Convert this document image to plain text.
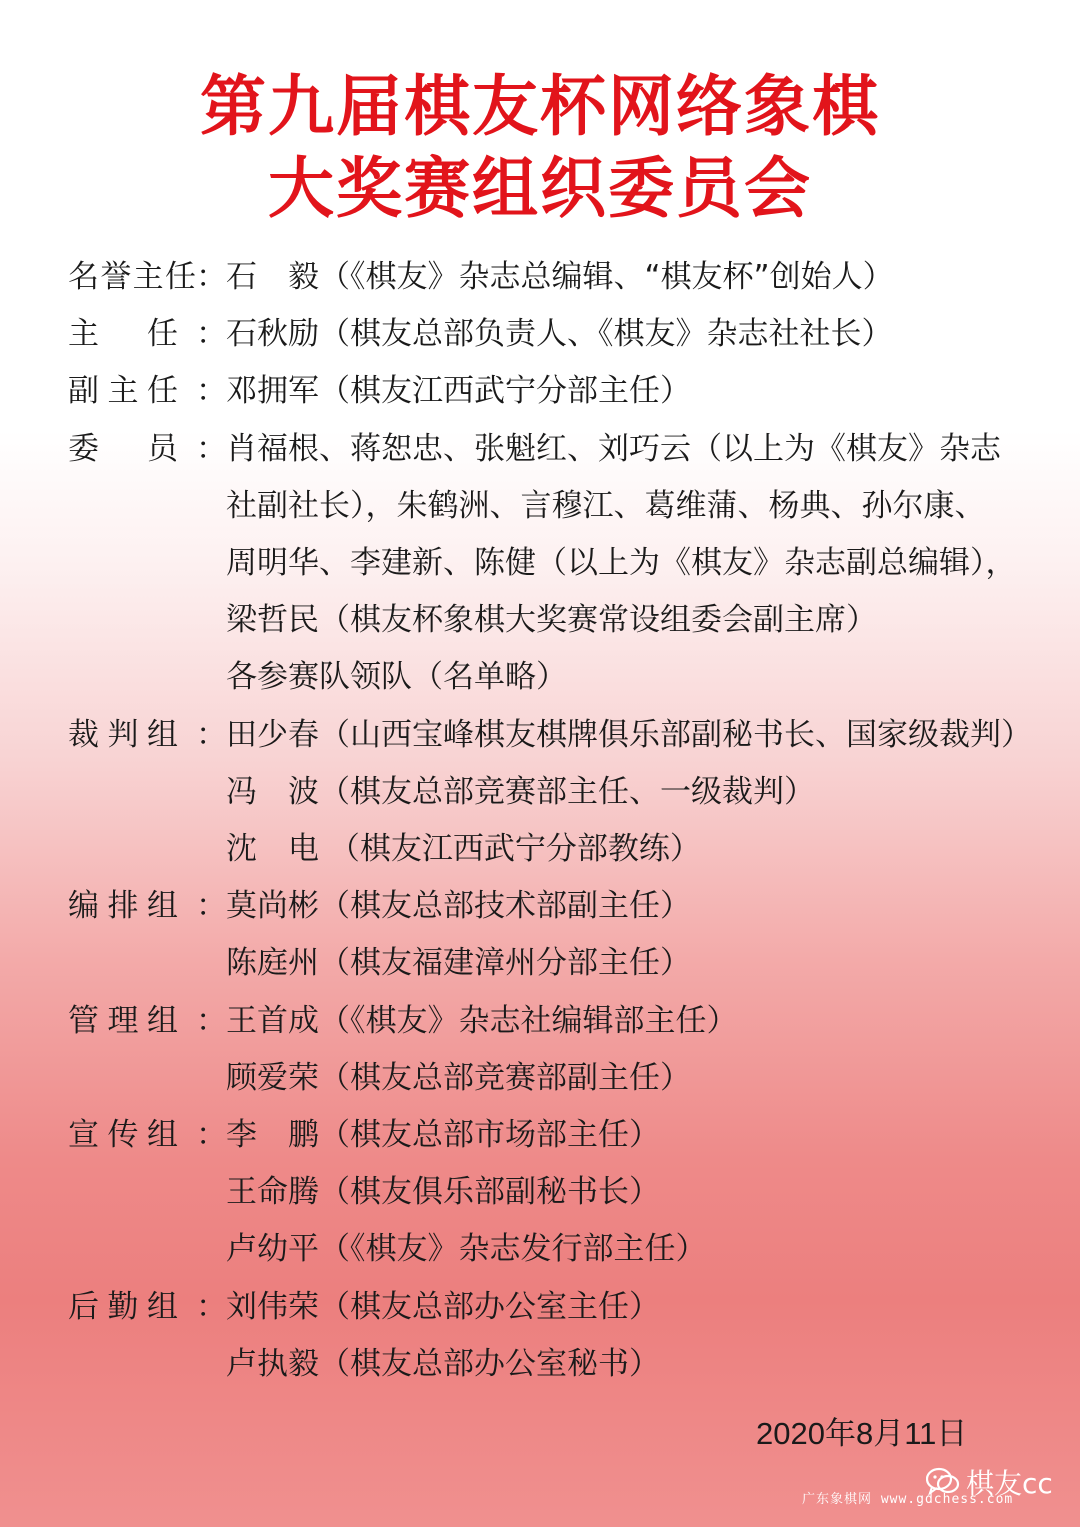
第九届棋友杯网络象棋
大奖赛组织委员会
名 誉 主 任 ： 石　毅（《棋友》杂志总编辑、“棋友杯”创始人）
主 任 ： 石秋励（棋友总部负责人、《棋友》杂志社社长）
副 主 任 ： 邓拥军（棋友江西武宁分部主任）
委 员 ： 肖福根、蒋恕忠、张魁红、刘巧云（以上为《棋友》杂志
社副社长），朱鹤洲、言穆江、葛维蒲、杨典、孙尔康、
周明华、李建新、陈健（以上为《棋友》杂志副总编辑），
梁哲民（棋友杯象棋大奖赛常设组委会副主席）
各参赛队领队（名单略）
裁 判 组 ： 田少春（山西宝峰棋友棋牌俱乐部副秘书长、国家级裁判）
冯　波（棋友总部竞赛部主任、一级裁判）
沈　电 （棋友江西武宁分部教练）
编 排 组 ： 莫尚彬（棋友总部技术部副主任）
陈庭州（棋友福建漳州分部主任）
管 理 组 ： 王首成（《棋友》杂志社编辑部主任）
顾爱荣（棋友总部竞赛部副主任）
宣 传 组 ： 李　鹏（棋友总部市场部主任）
王命腾（棋友俱乐部副秘书长）
卢幼平（《棋友》杂志发行部主任）
后 勤 组 ： 刘伟荣（棋友总部办公室主任）
卢执毅（棋友总部办公室秘书）
2020年8月11日
棋友cc
广东象棋网 www.gdchess.com
